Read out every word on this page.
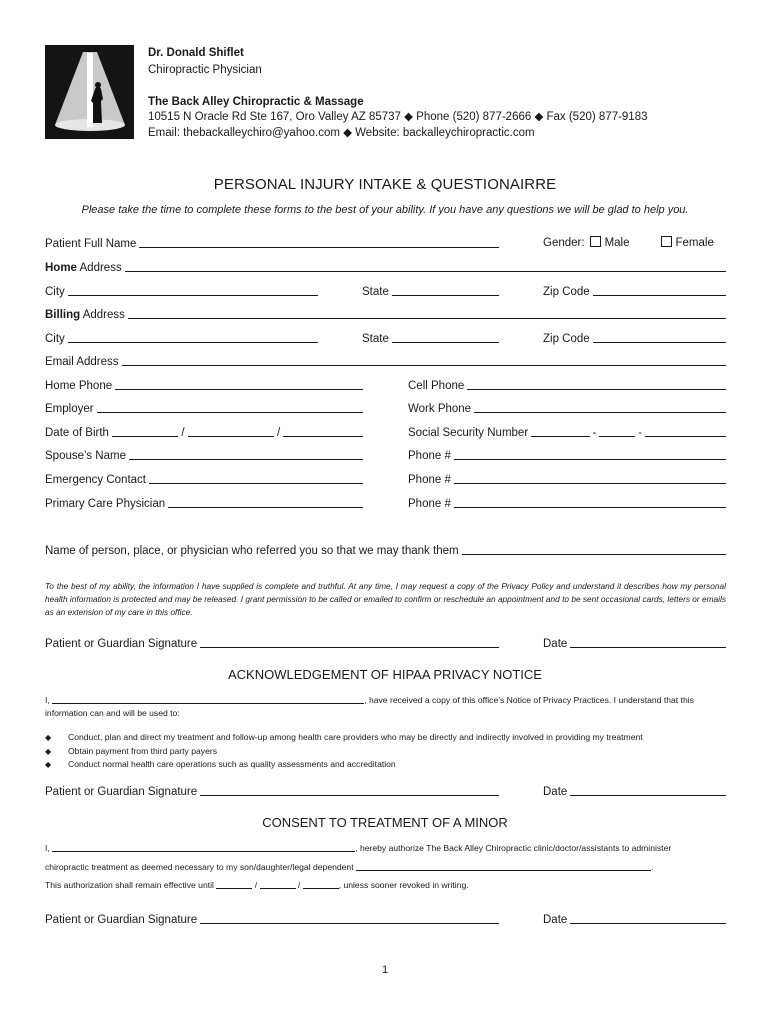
Dr. Donald Shiflet
Chiropractic Physician
The Back Alley Chiropractic & Massage
10515 N Oracle Rd Ste 167, Oro Valley AZ 85737 ◆ Phone (520) 877-2666 ◆ Fax (520) 877-9183
Email: thebackalleychiro@yahoo.com ◆ Website: backalleychiropractic.com
PERSONAL INJURY INTAKE & QUESTIONAIRRE
Please take the time to complete these forms to the best of your ability. If you have any questions we will be glad to help you.
Patient Full Name	Gender: Male	Female
Home Address
City	State	Zip Code
Billing Address
City	State	Zip Code
Email Address
Home Phone	Cell Phone
Employer	Work Phone
Date of Birth	/	/	Social Security Number	-	-
Spouse’s Name	Phone #
Emergency Contact	Phone #
Primary Care Physician	Phone #
Name of person, place, or physician who referred you so that we may thank them
To the best of my ability, the information I have supplied is complete and truthful. At any time, I may request a copy of the Privacy Policy and understand it describes how my personal health information is protected and may be released. I grant permission to be called or emailed to confirm or reschedule an appointment and to be sent occasional cards, letters or emails as an extension of my care in this office.
Patient or Guardian Signature	Date
ACKNOWLEDGEMENT OF HIPAA PRIVACY NOTICE
I,	, have received a copy of this office’s Notice of Privacy Practices. I understand that this
information can and will be used to:
◆	Conduct, plan and direct my treatment and follow-up among health care providers who may be directly and indirectly involved in providing my treatment
◆	Obtain payment from third party payers
◆	Conduct normal health care operations such as quality assessments and accreditation
Patient or Guardian Signature	Date
CONSENT TO TREATMENT OF A MINOR
I,	, hereby authorize The Back Alley Chiropractic clinic/doctor/assistants to administer
chiropractic treatment as deemed necessary to my son/daughter/legal dependent	.
This authorization shall remain effective until	/	/	, unless sooner revoked in writing.
Patient or Guardian Signature	Date
1
